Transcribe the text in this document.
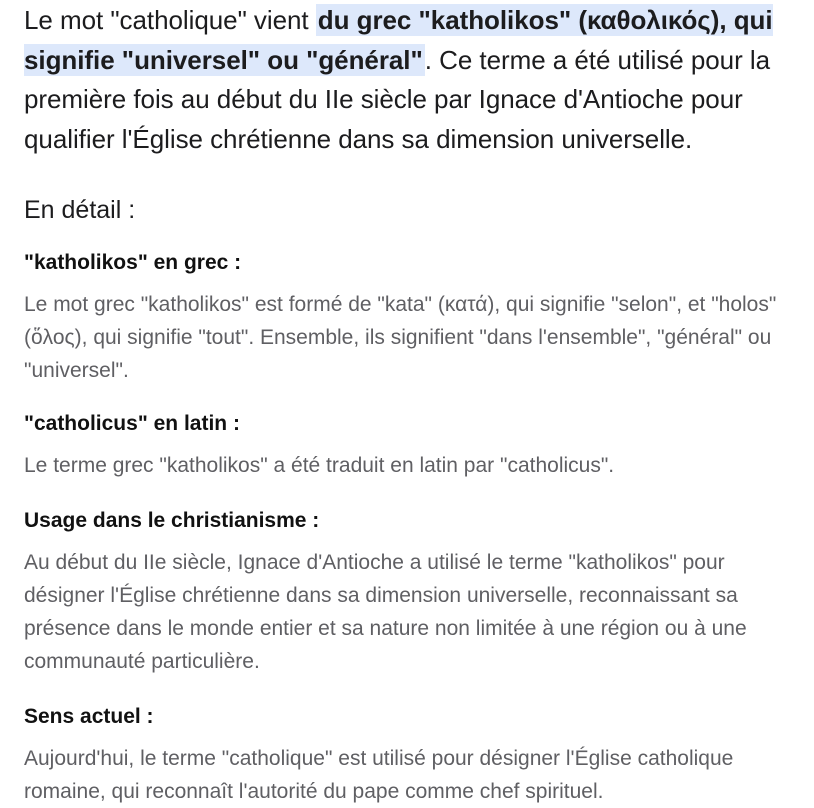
Le mot "catholique" vient du grec "katholikos" (καθολικός), qui signifie "universel" ou "général". Ce terme a été utilisé pour la première fois au début du IIe siècle par Ignace d'Antioche pour qualifier l'Église chrétienne dans sa dimension universelle.

En détail :
"katholikos" en grec :

Le mot grec "katholikos" est formé de "kata" (κατά), qui signifie "selon", et "holos" (ὅλος), qui signifie "tout". Ensemble, ils signifient "dans l'ensemble", "général" ou "universel".

"catholicus" en latin :

Le terme grec "katholikos" a été traduit en latin par "catholicus".

Usage dans le christianisme :

Au début du IIe siècle, Ignace d'Antioche a utilisé le terme "katholikos" pour désigner l'Église chrétienne dans sa dimension universelle, reconnaissant sa présence dans le monde entier et sa nature non limitée à une région ou à une communauté particulière.

Sens actuel :

Aujourd'hui, le terme "catholique" est utilisé pour désigner l'Église catholique romaine, qui reconnaît l'autorité du pape comme chef spirituel.
